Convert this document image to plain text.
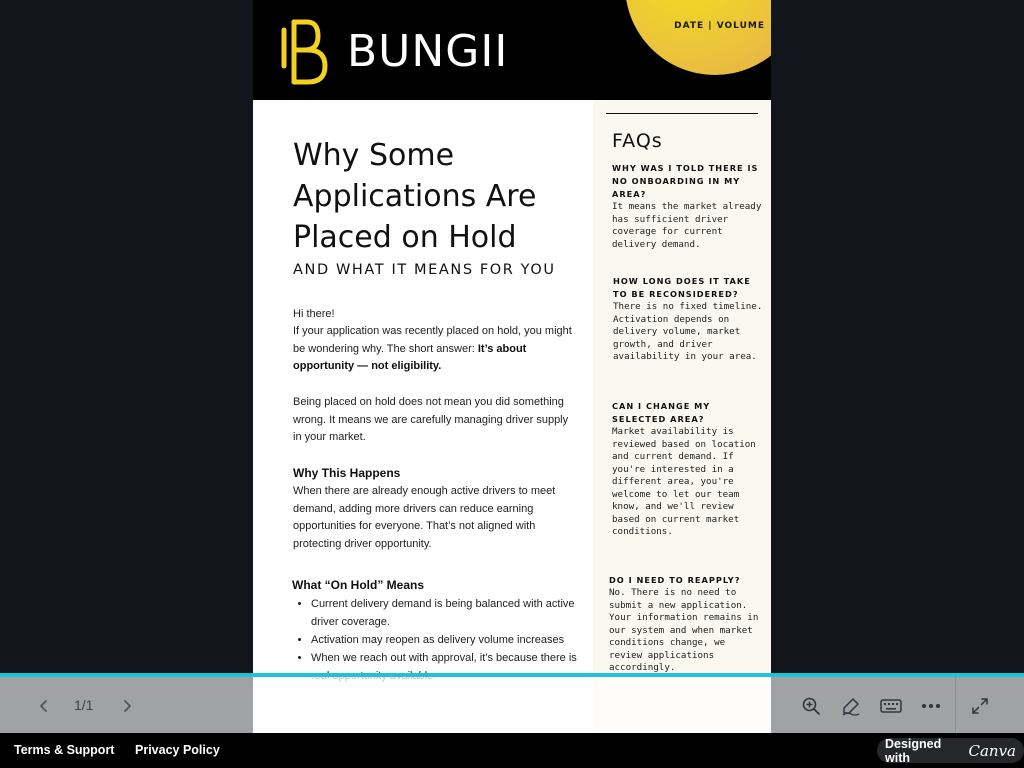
DATE | VOLUME
BUNGII
Why Some Applications Are Placed on Hold
AND WHAT IT MEANS FOR YOU
Hi there!
If your application was recently placed on hold, you might be wondering why. The short answer: It’s about opportunity — not eligibility.
Being placed on hold does not mean you did something wrong. It means we are carefully managing driver supply in your market.
Why This Happens
When there are already enough active drivers to meet demand, adding more drivers can reduce earning opportunities for everyone. That’s not aligned with protecting driver opportunity.
What “On Hold” Means
• Current delivery demand is being balanced with active driver coverage.
• Activation may reopen as delivery volume increases
• When we reach out with approval, it’s because there is
FAQs
WHY WAS I TOLD THERE IS NO ONBOARDING IN MY AREA?
It means the market already has sufficient driver coverage for current delivery demand.
HOW LONG DOES IT TAKE TO BE RECONSIDERED?
There is no fixed timeline. Activation depends on delivery volume, market growth, and driver availability in your area.
CAN I CHANGE MY SELECTED AREA?
Market availability is reviewed based on location and current demand. If you're interested in a different area, you're welcome to let our team know, and we'll review based on current market conditions.
DO I NEED TO REAPPLY?
No. There is no need to submit a new application. Your information remains in our system and when market conditions change, we review applications accordingly.
1/1
Terms & Support Privacy Policy	Designed with	Canva
